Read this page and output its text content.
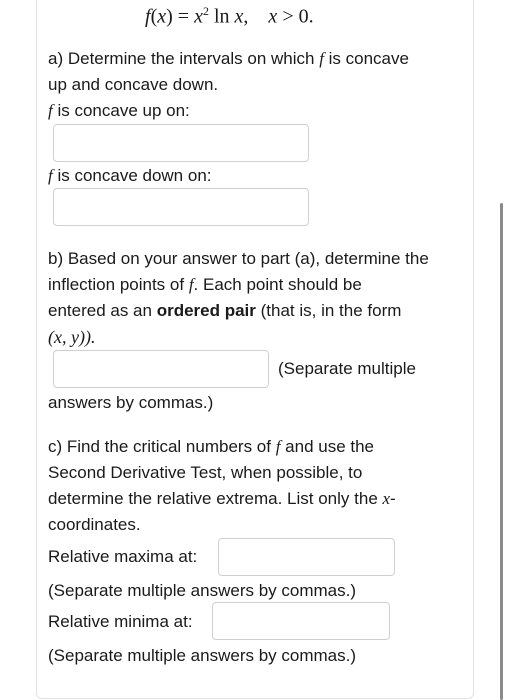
$f(x) = x^2$ ln x, x > 0.
a) Determine the intervals on which f is concave
up and concave down.
f is concave up on:
f is concave down on:
b) Based on your answer to part (a), determine the
inflection points of f. Each point should be
entered as an ordered pair (that is, in the form
(x, y)).
(Separate multiple
answers by commas.)
c) Find the critical numbers of f and use the
Second Derivative Test, when possible, to
determine the relative extrema. List only the x-
coordinates.
Relative maxima at:
(Separate multiple answers by commas.)
Relative minima at:
(Separate multiple answers by commas.)
